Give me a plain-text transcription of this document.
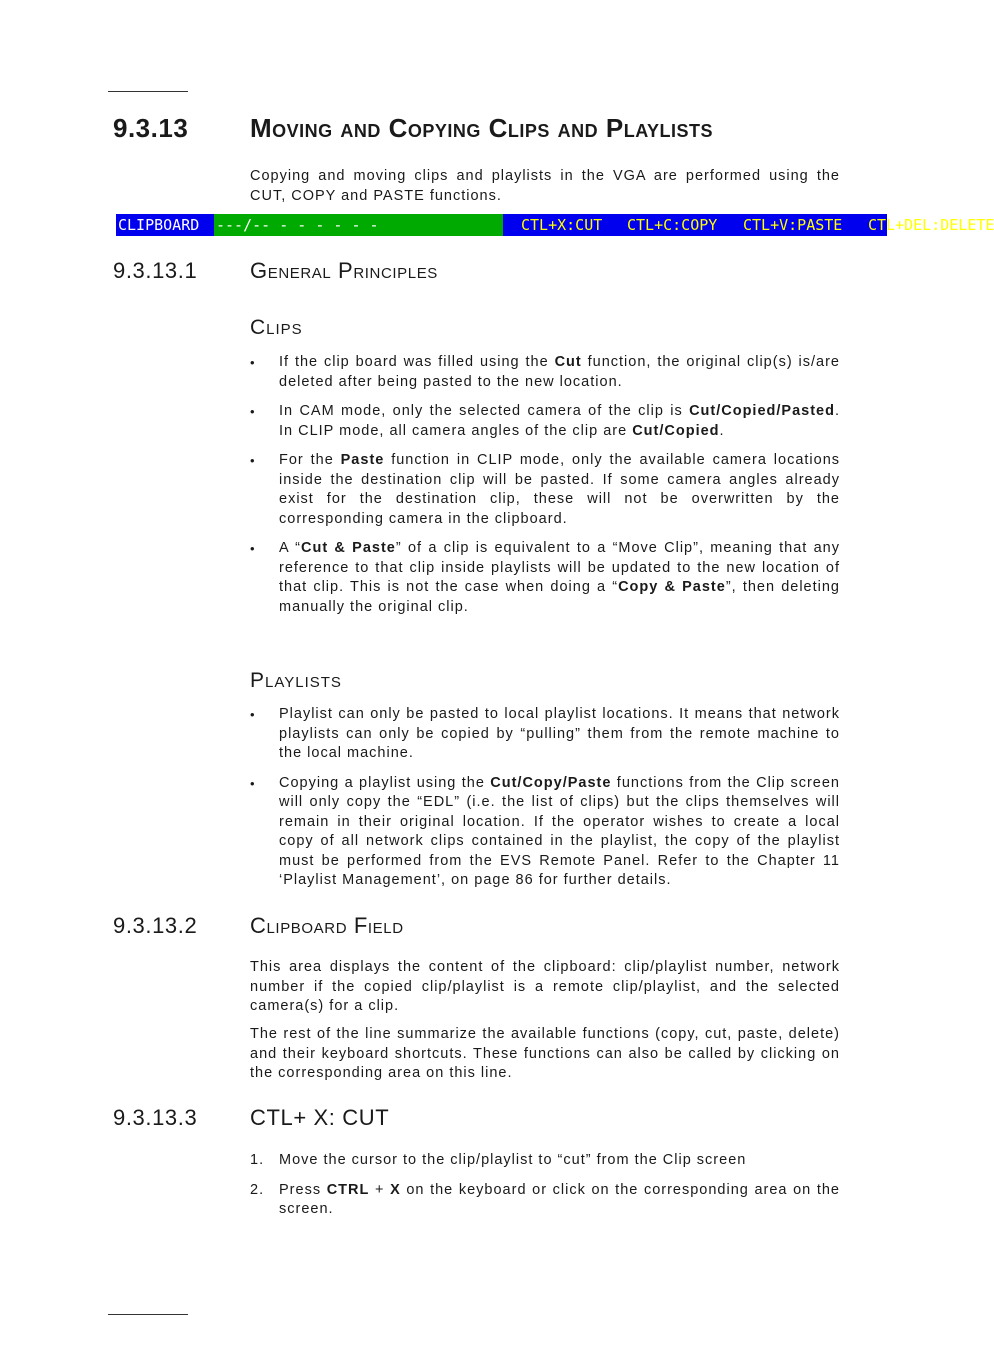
9.3.13 Moving and Copying Clips and Playlists

Copying and moving clips and playlists in the VGA are performed using the CUT, COPY and PASTE functions.

CLIPBOARD	---/-- - - - - - -	CTL+X:CUT CTL+C:COPY CTL+V:PASTE CTL+DEL:DELETE
9.3.13.1 General Principles
Clips
• If the clip board was filled using the Cut function, the original clip(s) is/are deleted after being pasted to the new location.
• In CAM mode, only the selected camera of the clip is Cut/Copied/Pasted. In CLIP mode, all camera angles of the clip are Cut/Copied.
• For the Paste function in CLIP mode, only the available camera locations inside the destination clip will be pasted. If some camera angles already exist for the destination clip, these will not be overwritten by the corresponding camera in the clipboard.
• A “Cut & Paste” of a clip is equivalent to a “Move Clip”, meaning that any reference to that clip inside playlists will be updated to the new location of that clip. This is not the case when doing a “Copy & Paste”, then deleting manually the original clip.
Playlists
• Playlist can only be pasted to local playlist locations. It means that network playlists can only be copied by “pulling” them from the remote machine to the local machine.
• Copying a playlist using the Cut/Copy/Paste functions from the Clip screen will only copy the “EDL” (i.e. the list of clips) but the clips themselves will remain in their original location. If the operator wishes to create a local copy of all network clips contained in the playlist, the copy of the playlist must be performed from the EVS Remote Panel. Refer to the Chapter 11 ‘Playlist Management’, on page 86 for further details.
9.3.13.2 Clipboard Field

This area displays the content of the clipboard: clip/playlist number, network number if the copied clip/playlist is a remote clip/playlist, and the selected camera(s) for a clip.

The rest of the line summarize the available functions (copy, cut, paste, delete) and their keyboard shortcuts. These functions can also be called by clicking on the corresponding area on this line.

9.3.13.3 CTL+ X: CUT
1. Move the cursor to the clip/playlist to “cut” from the Clip screen
2. Press CTRL + X on the keyboard or click on the corresponding area on the screen.
